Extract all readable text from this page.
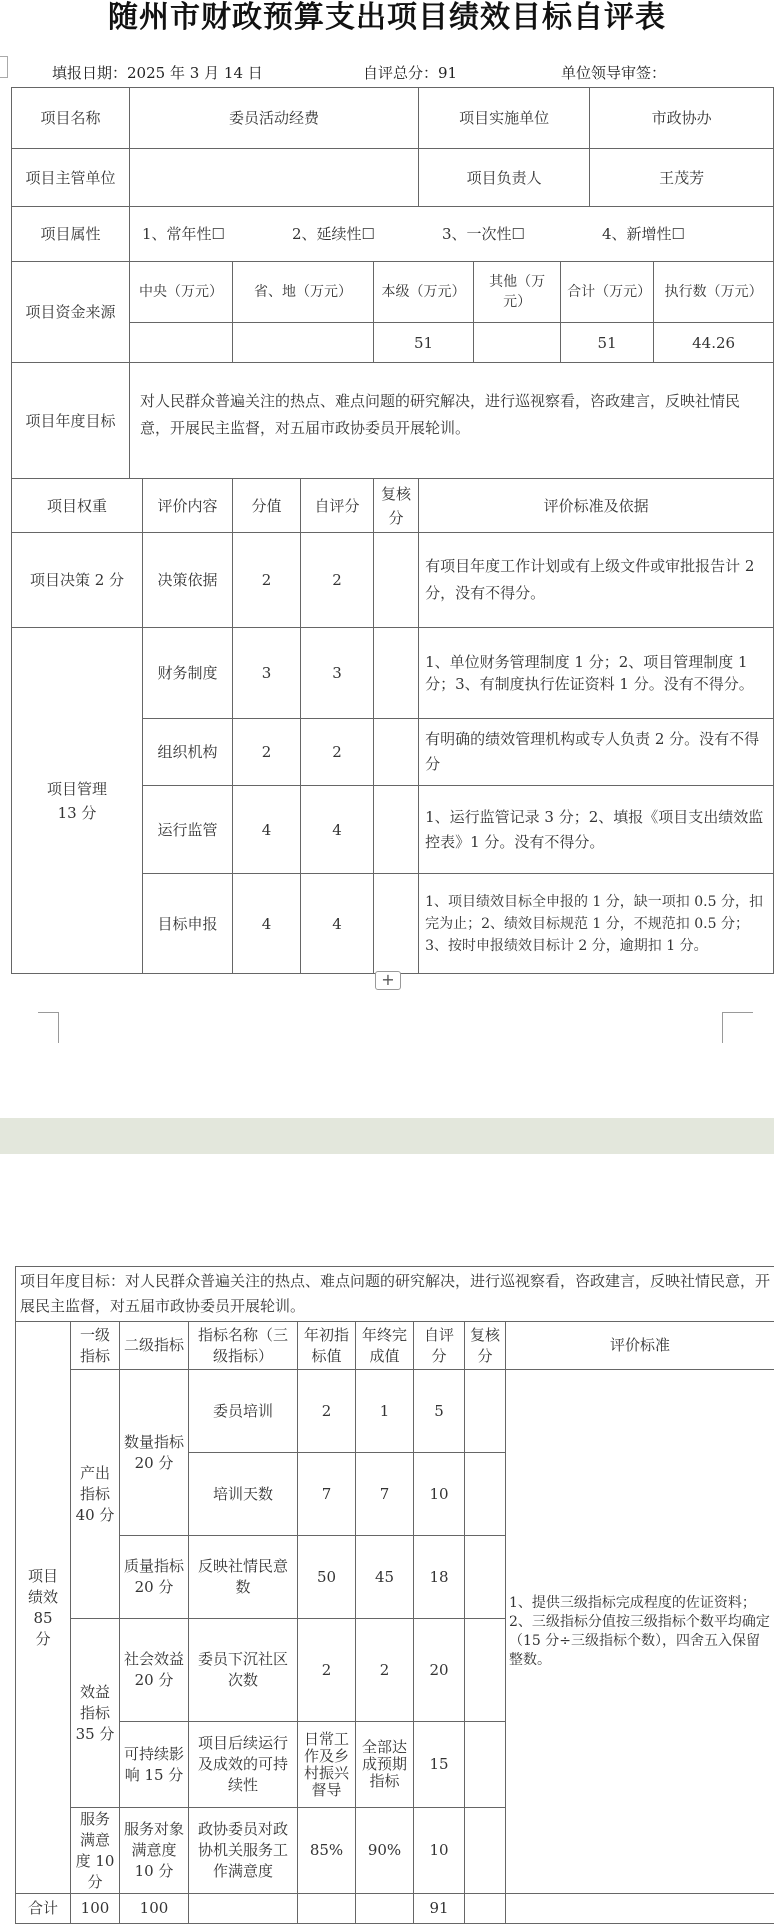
随州市财政预算支出项目绩效目标自评表
填报日期：2025 年 3 月 14 日	自评总分：91	单位领导审签：
项目名称	委员活动经费					项目实施单位			市政协办		
项目主管单位						项目负责人			王茂芳		
项目属性	1、常年性☐ 2、延续性☐ 3、一次性☐ 4、新增性☐										
项目资金来源	中央（万元）		省、地（万元）		本级（万元）		其他（万元）	合计（万元）		执行数（万元）	
					51			51		44.26	
项目年度目标	对人民群众普遍关注的热点、难点问题的研究解决，进行巡视察看，咨政建言，反映社情民意，开展民主监督，对五届市政协委员开展轮训。										
项目权重		评价内容	分值	自评分	复核分	评价标准及依据					
项目决策 2 分		决策依据	2	2		有项目年度工作计划或有上级文件或审批报告计 2 分，没有不得分。					
项目管理 13 分		财务制度	3	3		1、单位财务管理制度 1 分；2、项目管理制度 1 分；3、有制度执行佐证资料 1 分。没有不得分。					
		组织机构	2	2		有明确的绩效管理机构或专人负责 2 分。没有不得分					
		运行监管	4	4		1、运行监管记录 3 分；2、填报《项目支出绩效监控表》1 分。没有不得分。					
		目标申报	4	4		1、项目绩效目标全申报的 1 分，缺一项扣 0.5 分，扣完为止；2、绩效目标规范 1 分，不规范扣 0.5 分；3、按时申报绩效目标计 2 分，逾期扣 1 分。					
+
项目年度目标：对人民群众普遍关注的热点、难点问题的研究解决，进行巡视察看，咨政建言，反映社情民意，开展民主监督，对五届市政协委员开展轮训。								
项目绩效 85 分	一级指标	二级指标	指标名称（三级指标）	年初指标值	年终完成值	自评分	复核分	评价标准
	产出指标 40 分	数量指标 20 分	委员培训	2	1	5		1、提供三级指标完成程度的佐证资料；2、三级指标分值按三级指标个数平均确定（15 分÷三级指标个数），四舍五入保留整数。
			培训天数	7	7	10		
		质量指标 20 分	反映社情民意数	50	45	18		
	效益指标 35 分	社会效益 20 分	委员下沉社区次数	2	2	20		
		可持续影响 15 分	项目后续运行及成效的可持续性	日常工作及乡村振兴督导	全部达成预期指标	15		
	服务满意度 10 分	服务对象满意度 10 分	政协委员对政协机关服务工作满意度	85%	90%	10		
合计	100	100				91		
